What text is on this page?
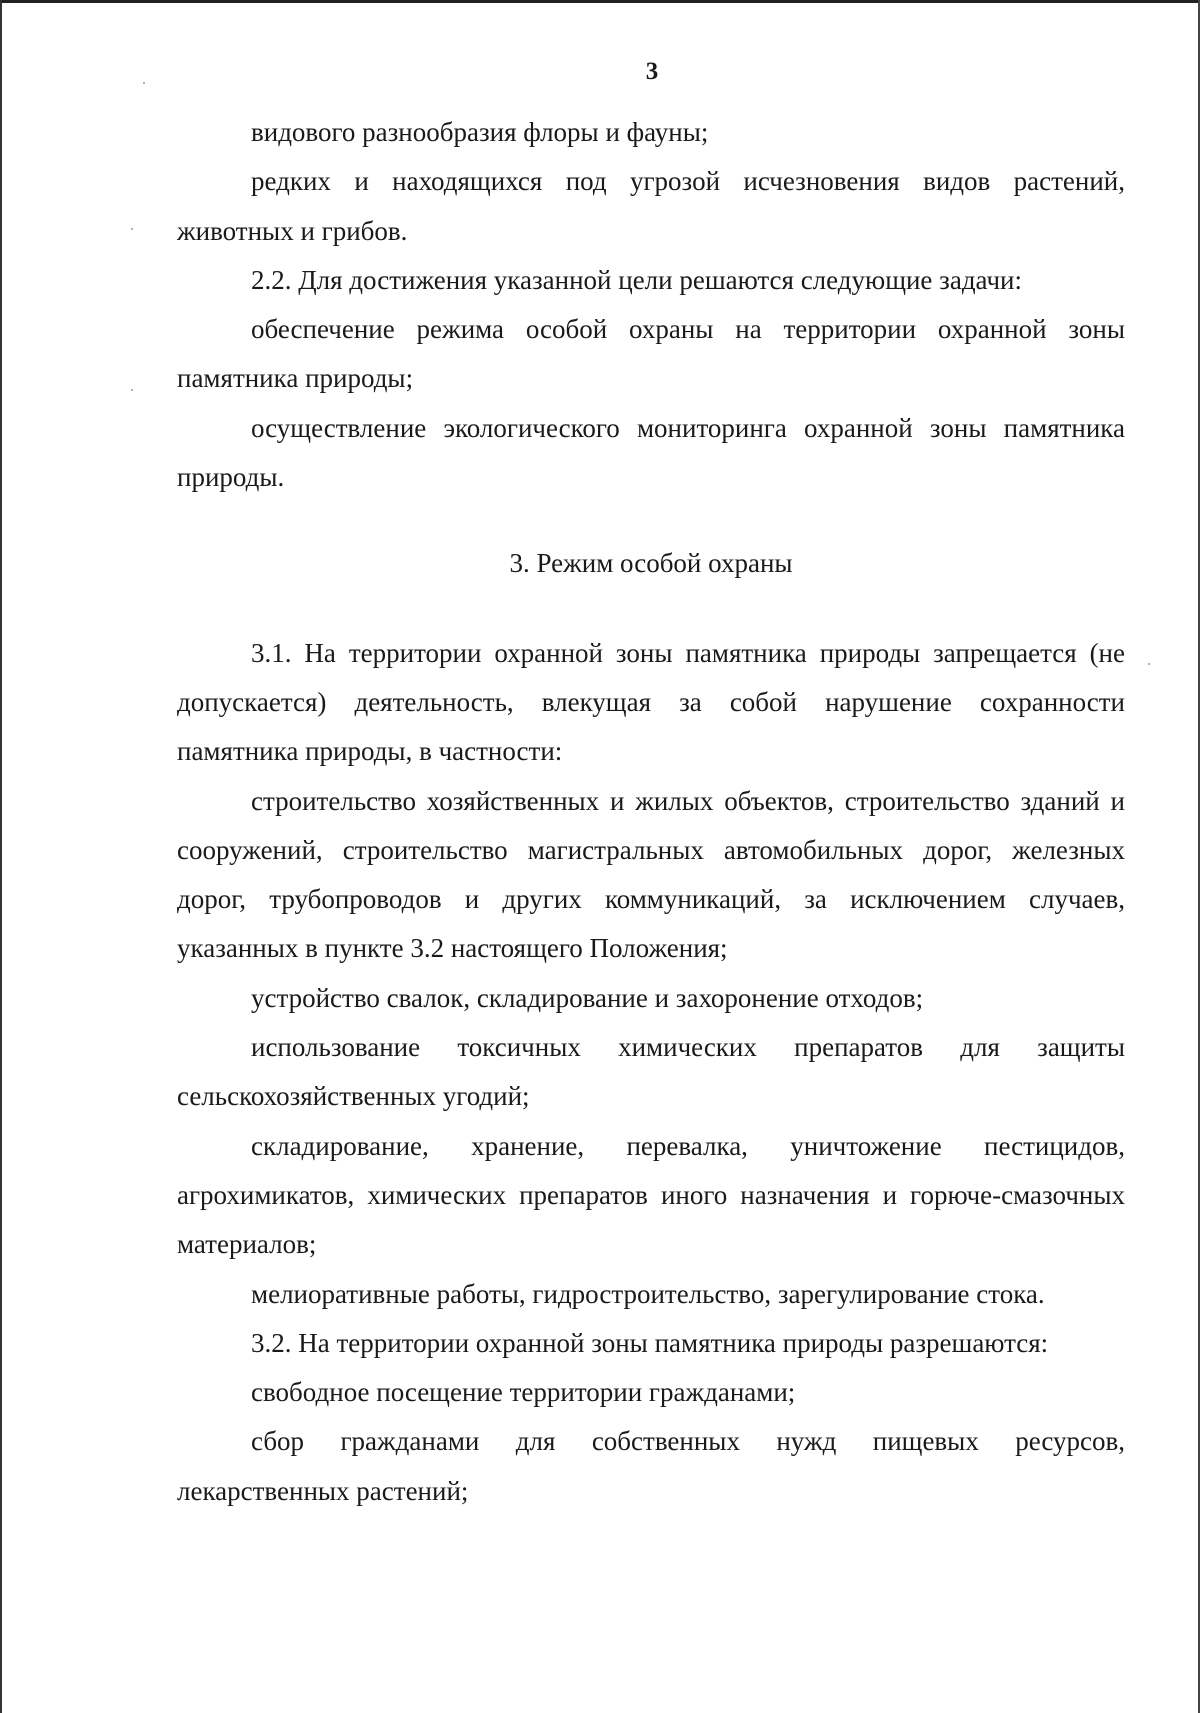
3

видового разнообразия флоры и фауны;

редких и находящихся под угрозой исчезновения видов растений, животных и грибов.

2.2. Для достижения указанной цели решаются следующие задачи:

обеспечение режима особой охраны на территории охранной зоны памятника природы;

осуществление экологического мониторинга охранной зоны памятника природы.

3. Режим особой охраны

3.1. На территории охранной зоны памятника природы запрещается (не допускается) деятельность, влекущая за собой нарушение сохранности памятника природы, в частности:

строительство хозяйственных и жилых объектов, строительство зданий и сооружений, строительство магистральных автомобильных дорог, железных дорог, трубопроводов и других коммуникаций, за исключением случаев, указанных в пункте 3.2 настоящего Положения;

устройство свалок, складирование и захоронение отходов;

использование токсичных химических препаратов для защиты сельскохозяйственных угодий;

складирование, хранение, перевалка, уничтожение пестицидов, агрохимикатов, химических препаратов иного назначения и горюче-смазочных материалов;

мелиоративные работы, гидростроительство, зарегулирование стока.

3.2. На территории охранной зоны памятника природы разрешаются:

свободное посещение территории гражданами;

сбор гражданами для собственных нужд пищевых ресурсов, лекарственных растений;
